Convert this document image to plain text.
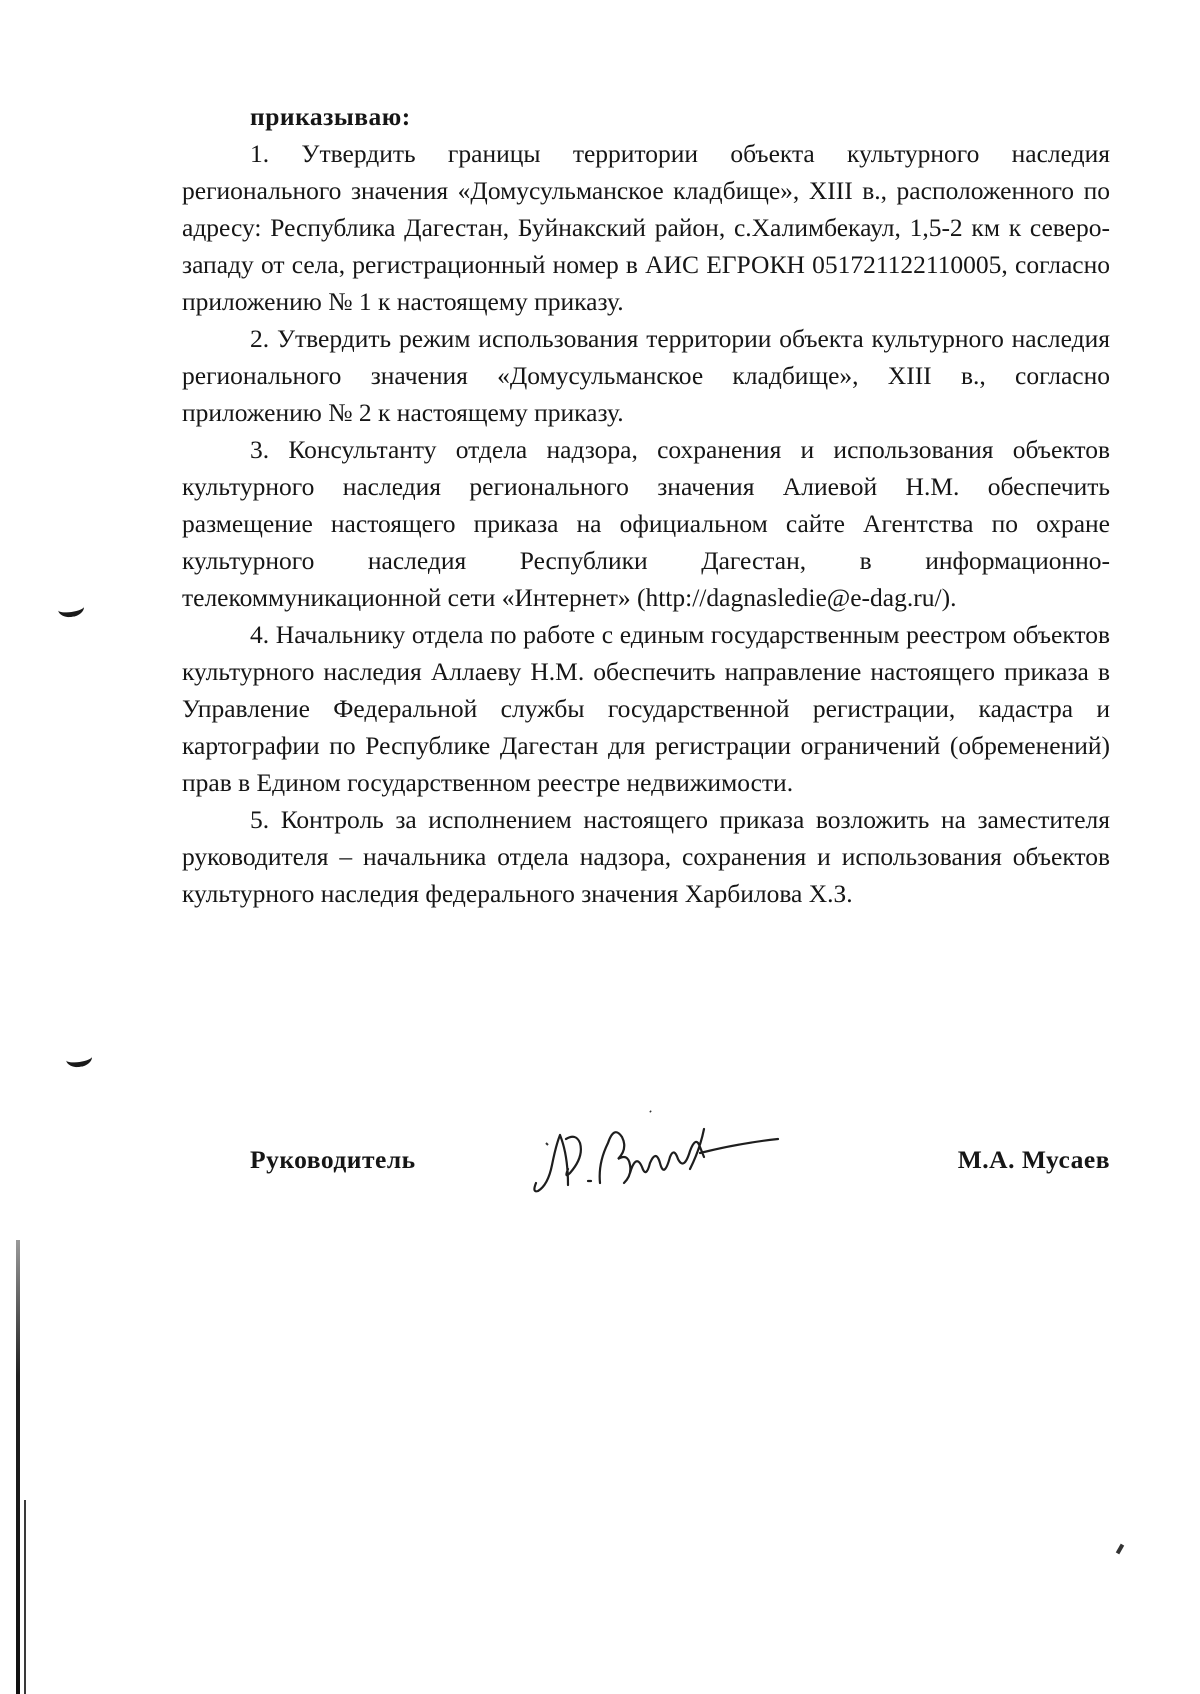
приказываю:

1. Утвердить границы территории объекта культурного наследия регионального значения «Домусульманское кладбище», XIII в., расположенного по адресу: Республика Дагестан, Буйнакский район, с.Халимбекаул, 1,5-2 км к северо-западу от села, регистрационный номер в АИС ЕГРОКН 051721122110005, согласно приложению № 1 к настоящему приказу.

2. Утвердить режим использования территории объекта культурного наследия регионального значения «Домусульманское кладбище», XIII в., согласно приложению № 2 к настоящему приказу.

3. Консультанту отдела надзора, сохранения и использования объектов культурного наследия регионального значения Алиевой Н.М. обеспечить размещение настоящего приказа на официальном сайте Агентства по охране культурного наследия Республики Дагестан, в информационно-телекоммуникационной сети «Интернет» (http://dagnasledie@e-dag.ru/).

4. Начальнику отдела по работе с единым государственным реестром объектов культурного наследия Аллаеву Н.М. обеспечить направление настоящего приказа в Управление Федеральной службы государственной регистрации, кадастра и картографии по Республике Дагестан для регистрации ограничений (обременений) прав в Едином государственном реестре недвижимости.

5. Контроль за исполнением настоящего приказа возложить на заместителя руководителя – начальника отдела надзора, сохранения и использования объектов культурного наследия федерального значения Харбилова Х.З.

Руководитель	М.А. Мусаев
